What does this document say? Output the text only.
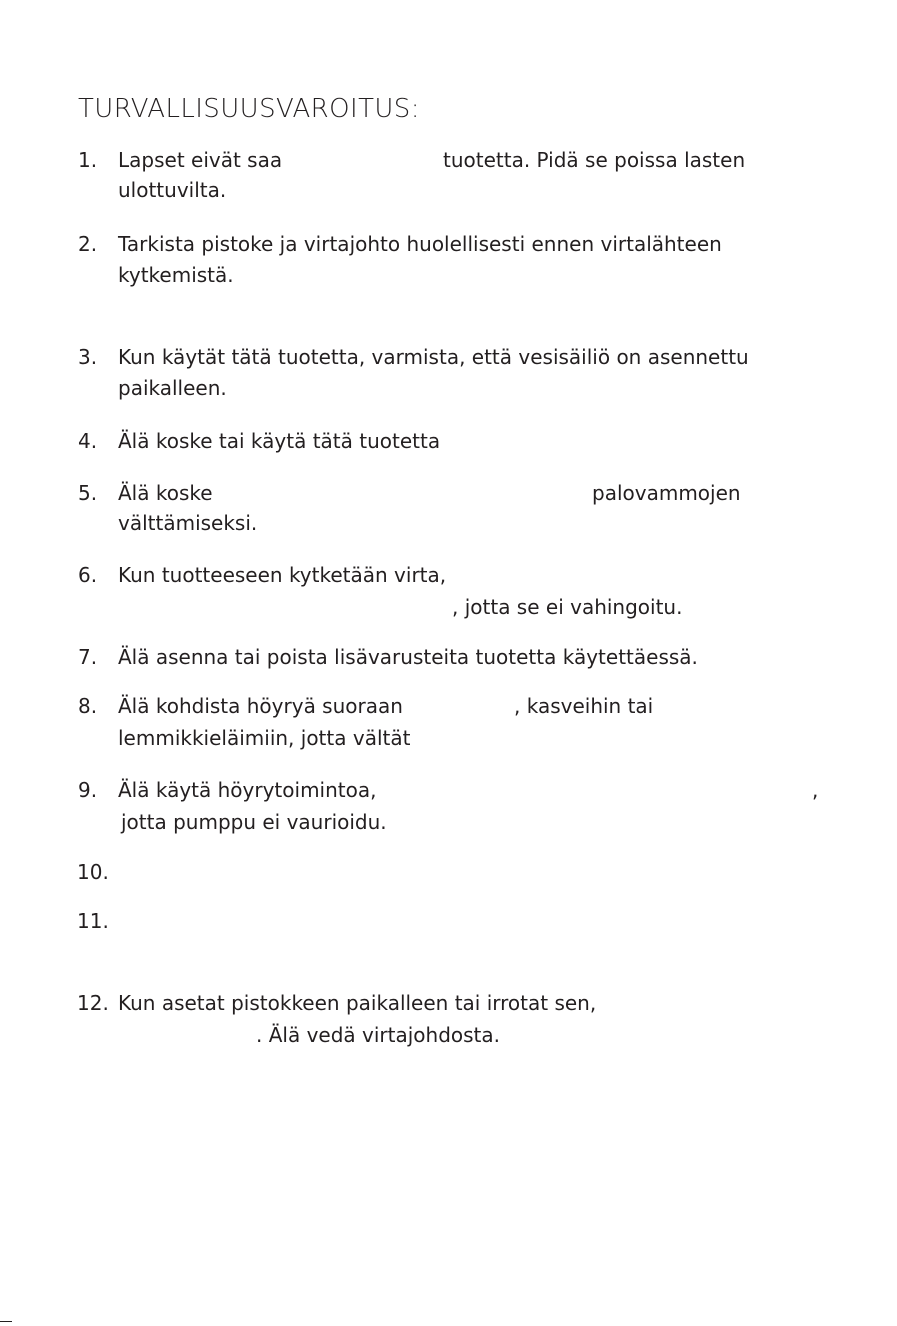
TURVALLISUUSVAROITUS:
1. Lapset eivät saa	tuotetta. Pidä se poissa lasten
ulottuvilta.
2. Tarkista pistoke ja virtajohto huolellisesti ennen virtalähteen
kytkemistä.
3. Kun käytät tätä tuotetta, varmista, että vesisäiliö on asennettu
paikalleen.
4. Älä koske tai käytä tätä tuotetta
5. Älä koske	palovammojen
välttämiseksi.
6. Kun tuotteeseen kytketään virta,
, jotta se ei vahingoitu.
7. Älä asenna tai poista lisävarusteita tuotetta käytettäessä.
8. Älä kohdista höyryä suoraan	, kasveihin tai
lemmikkieläimiin, jotta vältät
9. Älä käytä höyrytoimintoa,	,
jotta pumppu ei vaurioidu.
10.
11.
12. Kun asetat pistokkeen paikalleen tai irrotat sen,
. Älä vedä virtajohdosta.
